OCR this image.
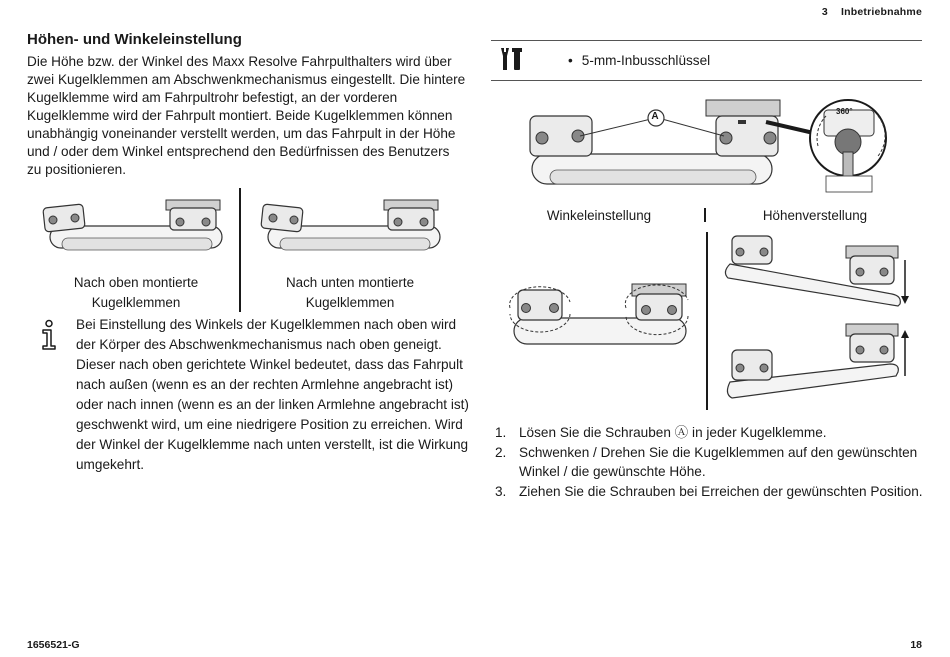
3 Inbetriebnahme
Höhen- und Winkeleinstellung
Die Höhe bzw. der Winkel des Maxx Resolve Fahrpulthalters wird über zwei Kugelklemmen am Abschwenkmechanismus eingestellt. Die hintere Kugelklemme wird am Fahrpultrohr befestigt, an der vorderen Kugelklemme wird der Fahrpult montiert. Beide Kugelklemmen können unabhängig voneinander verstellt werden, um das Fahrpult in der Höhe und / oder dem Winkel entsprechend den Bedürfnissen des Benutzers zu positionieren.
Nach oben montierte Kugelklemmen
Nach unten montierte Kugelklemmen
Bei Einstellung des Winkels der Kugelklemmen nach oben wird der Körper des Abschwenkmechanismus nach oben geneigt. Dieser nach oben gerichtete Winkel bedeutet, dass das Fahrpult nach außen (wenn es an der rechten Armlehne angebracht ist) oder nach innen (wenn es an der linken Armlehne angebracht ist) geschwenkt wird, um eine niedrigere Position zu erreichen. Wird der Winkel der Kugelklemme nach unten verstellt, ist die Wirkung umgekehrt.
• 5-mm-Inbusschlüssel
A	360°
Winkeleinstellung	Höhenverstellung
1. Lösen Sie die Schrauben Ⓐ in jeder Kugelklemme.
2. Schwenken / Drehen Sie die Kugelklemmen auf den gewünschten Winkel / die gewünschte Höhe.
3. Ziehen Sie die Schrauben bei Erreichen der gewünschten Position.
1656521-G	18
